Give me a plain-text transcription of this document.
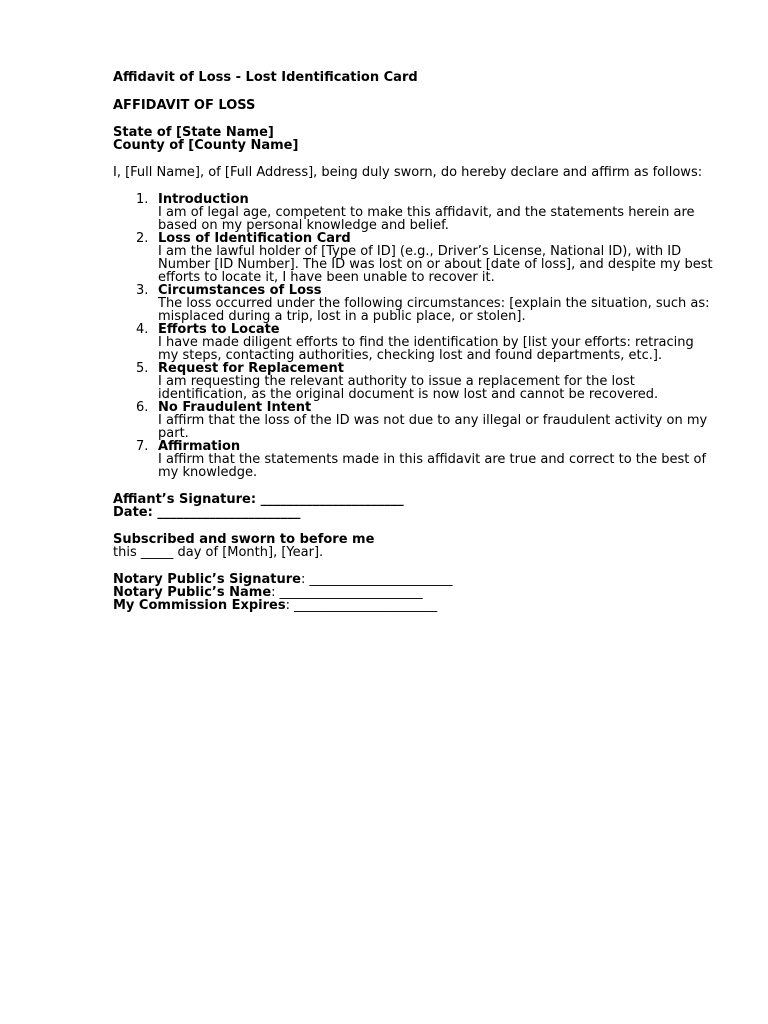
Affidavit of Loss - Lost Identification Card
AFFIDAVIT OF LOSS
State of [State Name]
County of [County Name]
I, [Full Name], of [Full Address], being duly sworn, do hereby declare and affirm as follows:
1. Introduction
I am of legal age, competent to make this affidavit, and the statements herein are based on my personal knowledge and belief.
2. Loss of Identification Card
I am the lawful holder of [Type of ID] (e.g., Driver’s License, National ID), with ID Number [ID Number]. The ID was lost on or about [date of loss], and despite my best efforts to locate it, I have been unable to recover it.
3. Circumstances of Loss
The loss occurred under the following circumstances: [explain the situation, such as: misplaced during a trip, lost in a public place, or stolen].
4. Efforts to Locate
I have made diligent efforts to find the identification by [list your efforts: retracing my steps, contacting authorities, checking lost and found departments, etc.].
5. Request for Replacement
I am requesting the relevant authority to issue a replacement for the lost identification, as the original document is now lost and cannot be recovered.
6. No Fraudulent Intent
I affirm that the loss of the ID was not due to any illegal or fraudulent activity on my part.
7. Affirmation
I affirm that the statements made in this affidavit are true and correct to the best of my knowledge.
Affiant’s Signature: ______________________
Date: ______________________
Subscribed and sworn to before me
this _____ day of [Month], [Year].
Notary Public’s Signature: ______________________
Notary Public’s Name: ______________________
My Commission Expires: ______________________
